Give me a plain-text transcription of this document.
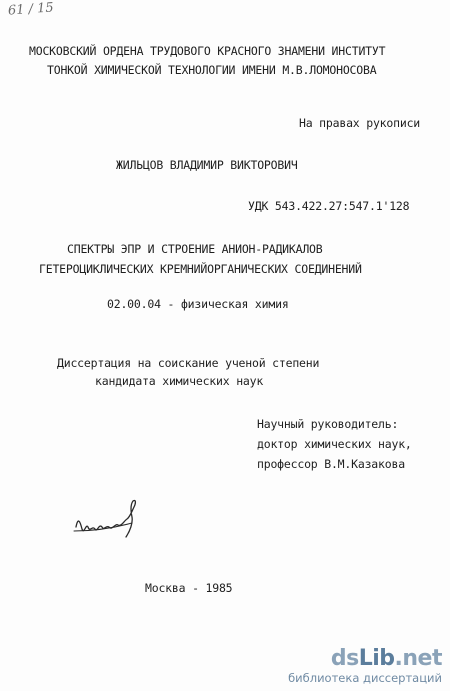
61 / 15
МОСКОВСКИЙ ОРДЕНА ТРУДОВОГО КРАСНОГО ЗНАМЕНИ ИНСТИТУТ
ТОНКОЙ ХИМИЧЕСКОЙ ТЕХНОЛОГИИ ИМЕНИ М.В.ЛОМОНОСОВА
На правах рукописи
ЖИЛЬЦОВ ВЛАДИМИР ВИКТОРОВИЧ
УДК 543.422.27:547.1'128
СПЕКТРЫ ЭПР И СТРОЕНИЕ АНИОН-РАДИКАЛОВ
ГЕТЕРОЦИКЛИЧЕСКИХ КРЕМНИЙОРГАНИЧЕСКИХ СОЕДИНЕНИЙ
02.00.04 - физическая химия
Диссертация на соискание ученой степени
кандидата химических наук
Научный руководитель:
доктор химических наук,
профессор В.М.Казакова
Москва - 1985
dsLib.net
библиотека диссертаций
